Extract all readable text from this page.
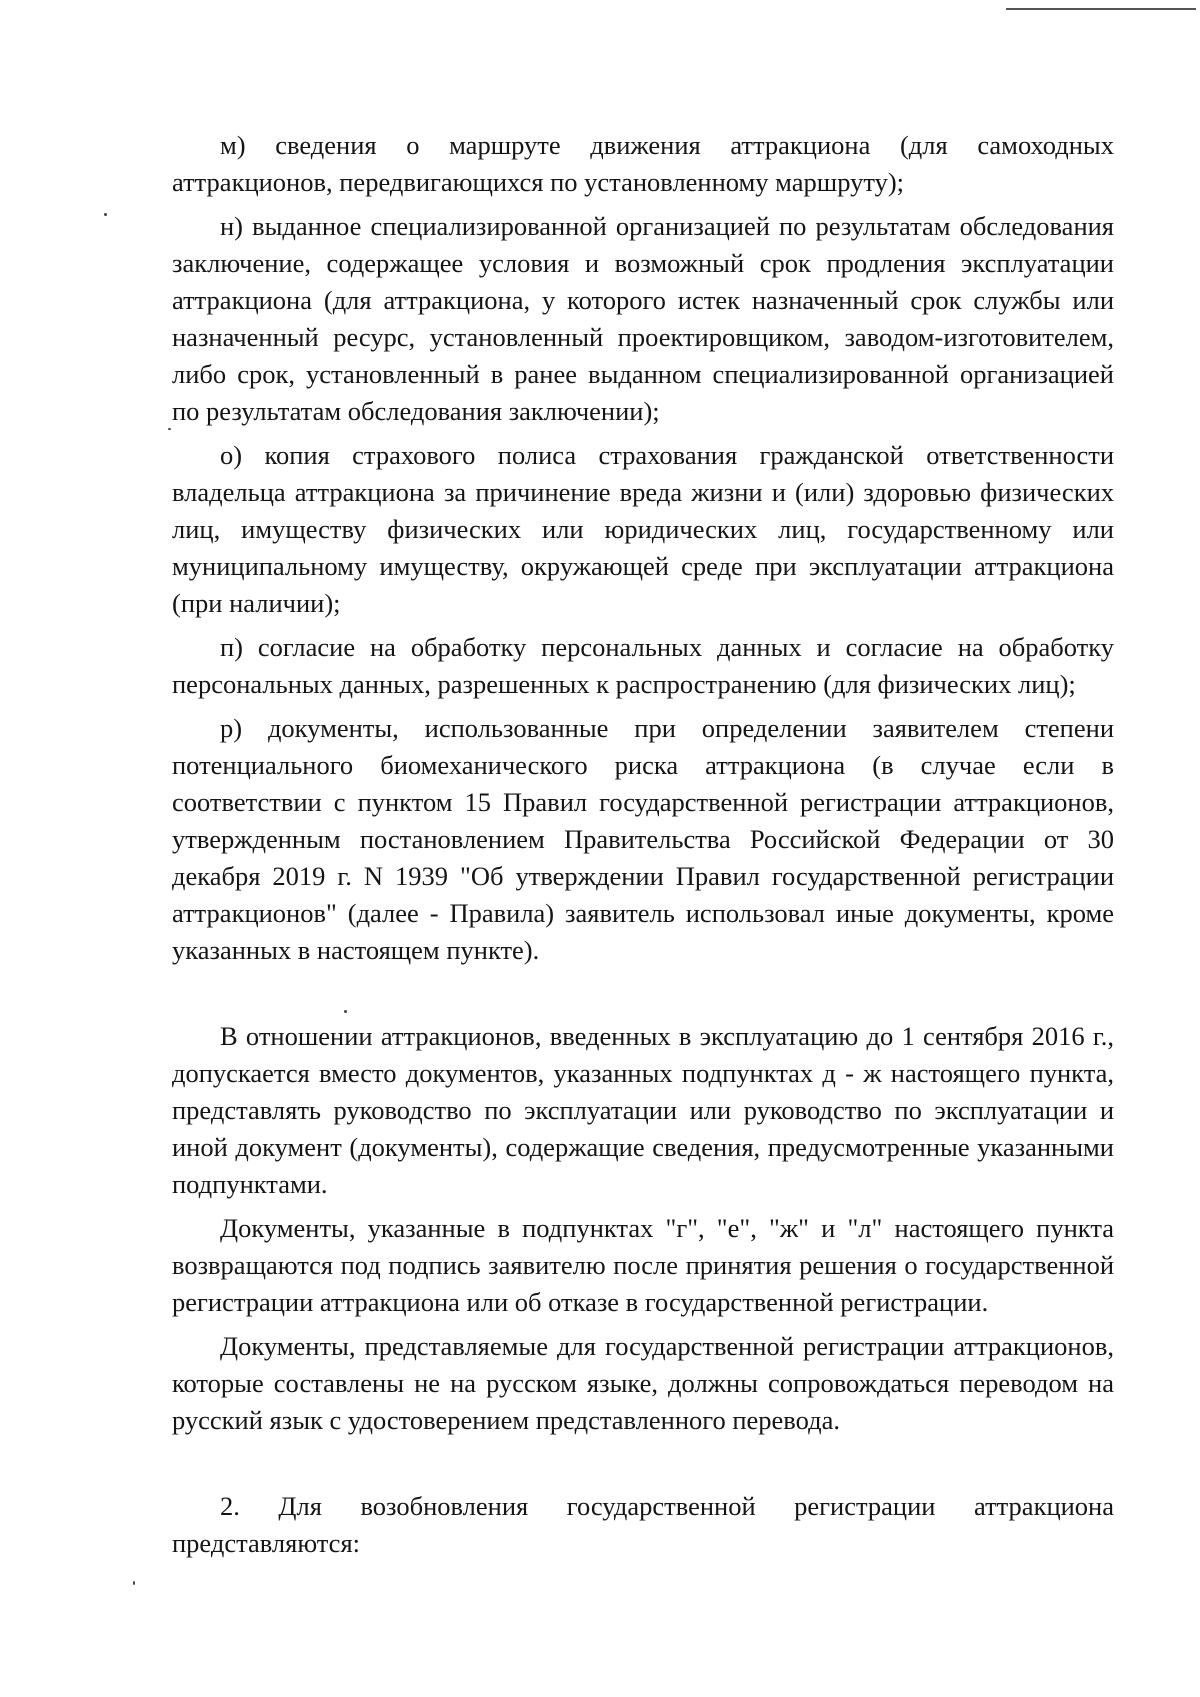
м) сведения о маршруте движения аттракциона (для самоходных аттракционов, передвигающихся по установленному маршруту);

н) выданное специализированной организацией по результатам обследования заключение, содержащее условия и возможный срок продления эксплуатации аттракциона (для аттракциона, у которого истек назначенный срок службы или назначенный ресурс, установленный проектировщиком, заводом-изготовителем, либо срок, установленный в ранее выданном специализированной организацией по результатам обследования заключении);

о) копия страхового полиса страхования гражданской ответственности владельца аттракциона за причинение вреда жизни и (или) здоровью физических лиц, имуществу физических или юридических лиц, государственному или муниципальному имуществу, окружающей среде при эксплуатации аттракциона (при наличии);

п) согласие на обработку персональных данных и согласие на обработку персональных данных, разрешенных к распространению (для физических лиц);

р) документы, использованные при определении заявителем степени потенциального биомеханического риска аттракциона (в случае если в соответствии с пунктом 15 Правил государственной регистрации аттракционов, утвержденным постановлением Правительства Российской Федерации от 30 декабря 2019 г. N 1939 "Об утверждении Правил государственной регистрации аттракционов" (далее - Правила) заявитель использовал иные документы, кроме указанных в настоящем пункте).

В отношении аттракционов, введенных в эксплуатацию до 1 сентября 2016 г., допускается вместо документов, указанных подпунктах д - ж настоящего пункта, представлять руководство по эксплуатации или руководство по эксплуатации и иной документ (документы), содержащие сведения, предусмотренные указанными подпунктами.

Документы, указанные в подпунктах "г", "е", "ж" и "л" настоящего пункта возвращаются под подпись заявителю после принятия решения о государственной регистрации аттракциона или об отказе в государственной регистрации.

Документы, представляемые для государственной регистрации аттракционов, которые составлены не на русском языке, должны сопровождаться переводом на русский язык с удостоверением представленного перевода.

2. Для возобновления государственной регистрации аттракциона представляются:
